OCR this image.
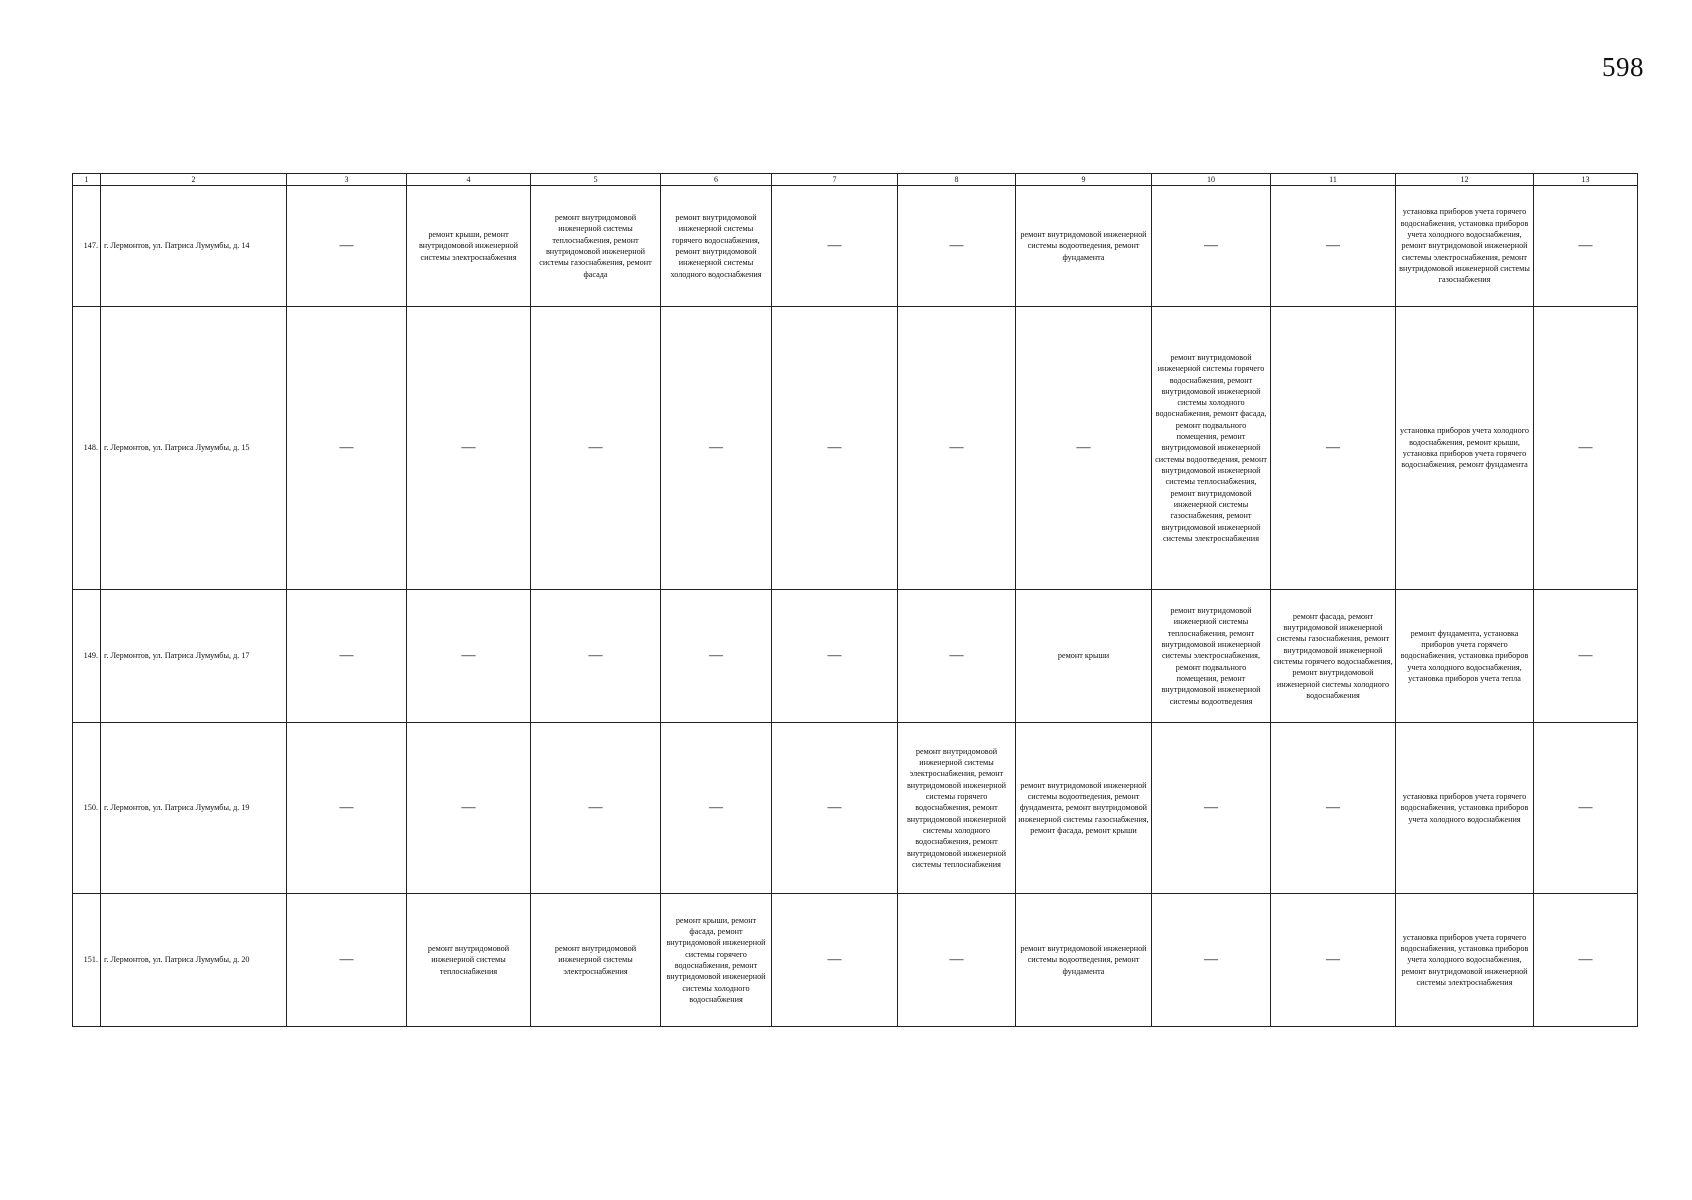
598
1	2	3	4	5	6	7	8	9	10	11	12	13
147.	г. Лермонтов, ул. Патриса Лумумбы, д. 14	—	ремонт крыши, ремонт внутридомовой инженерной системы электроснабжения	ремонт внутридомовой инженерной системы теплоснабжения, ремонт внутридомовой инженерной системы газоснабжения, ремонт фасада	ремонт внутридомовой инженерной системы горячего водоснабжения, ремонт внутридомовой инженерной системы холодного водоснабжения	—	—	ремонт внутридомовой инженерной системы водоотведения, ремонт фундамента	—	—	установка приборов учета горячего водоснабжения, установка приборов учета холодного водоснабжения, ремонт внутридомовой инженерной системы электроснабжения, ремонт внутридомовой инженерной системы газоснабжения	—
148.	г. Лермонтов, ул. Патриса Лумумбы, д. 15	—	—	—	—	—	—	—	ремонт внутридомовой инженерной системы горячего водоснабжения, ремонт внутридомовой инженерной системы холодного водоснабжения, ремонт фасада, ремонт подвального помещения, ремонт внутридомовой инженерной системы водоотведения, ремонт внутридомовой инженерной системы теплоснабжения, ремонт внутридомовой инженерной системы газоснабжения, ремонт внутридомовой инженерной системы электроснабжения	—	установка приборов учета холодного водоснабжения, ремонт крыши, установка приборов учета горячего водоснабжения, ремонт фундамента	—
149.	г. Лермонтов, ул. Патриса Лумумбы, д. 17	—	—	—	—	—	—	ремонт крыши	ремонт внутридомовой инженерной системы теплоснабжения, ремонт внутридомовой инженерной системы электроснабжения, ремонт подвального помещения, ремонт внутридомовой инженерной системы водоотведения	ремонт фасада, ремонт внутридомовой инженерной системы газоснабжения, ремонт внутридомовой инженерной системы горячего водоснабжения, ремонт внутридомовой инженерной системы холодного водоснабжения	ремонт фундамента, установка приборов учета горячего водоснабжения, установка приборов учета холодного водоснабжения, установка приборов учета тепла	—
150.	г. Лермонтов, ул. Патриса Лумумбы, д. 19	—	—	—	—	—	ремонт внутридомовой инженерной системы электроснабжения, ремонт внутридомовой инженерной системы горячего водоснабжения, ремонт внутридомовой инженерной системы холодного водоснабжения, ремонт внутридомовой инженерной системы теплоснабжения	ремонт внутридомовой инженерной системы водоотведения, ремонт фундамента, ремонт внутридомовой инженерной системы газоснабжения, ремонт фасада, ремонт крыши	—	—	установка приборов учета горячего водоснабжения, установка приборов учета холодного водоснабжения	—
151.	г. Лермонтов, ул. Патриса Лумумбы, д. 20	—	ремонт внутридомовой инженерной системы теплоснабжения	ремонт внутридомовой инженерной системы электроснабжения	ремонт крыши, ремонт фасада, ремонт внутридомовой инженерной системы горячего водоснабжения, ремонт внутридомовой инженерной системы холодного водоснабжения	—	—	ремонт внутридомовой инженерной системы водоотведения, ремонт фундамента	—	—	установка приборов учета горячего водоснабжения, установка приборов учета холодного водоснабжения, ремонт внутридомовой инженерной системы электроснабжения	—
